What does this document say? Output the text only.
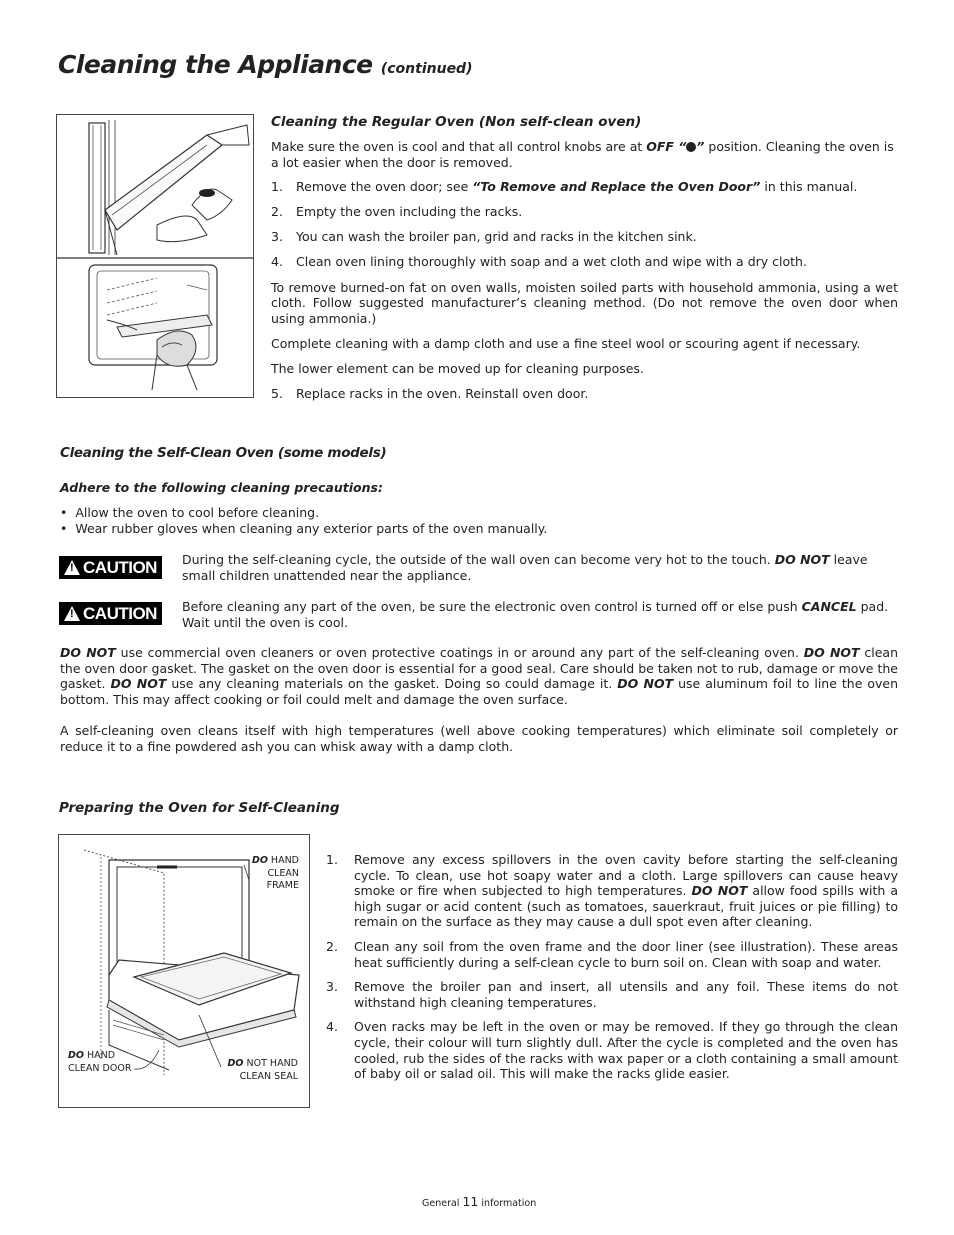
Cleaning the Appliance (continued)
Cleaning the Regular Oven (Non self-clean oven)
Make sure the oven is cool and that all control knobs are at OFF “ ” position. Cleaning the oven is a lot easier when the door is removed.
1. Remove the oven door; see “To Remove and Replace the Oven Door” in this manual.
2. Empty the oven including the racks.
3. You can wash the broiler pan, grid and racks in the kitchen sink.
4. Clean oven lining thoroughly with soap and a wet cloth and wipe with a dry cloth.
To remove burned-on fat on oven walls, moisten soiled parts with household ammonia, using a wet cloth. Follow suggested manufacturer’s cleaning method. (Do not remove the oven door when using ammonia.)
Complete cleaning with a damp cloth and use a fine steel wool or scouring agent if necessary.
The lower element can be moved up for cleaning purposes.
5. Replace racks in the oven. Reinstall oven door.
Cleaning the Self-Clean Oven (some models)
Adhere to the following cleaning precautions:
•  Allow the oven to cool before cleaning.
•  Wear rubber gloves when cleaning any exterior parts of the oven manually.
! CAUTION During the self-cleaning cycle, the outside of the wall oven can become very hot to the touch. DO NOT leave small children unattended near the appliance.
! CAUTION Before cleaning any part of the oven, be sure the electronic oven control is turned off or else push CANCEL pad. Wait until the oven is cool.
DO NOT use commercial oven cleaners or oven protective coatings in or around any part of the self-cleaning oven. DO NOT clean the oven door gasket. The gasket on the oven door is essential for a good seal. Care should be taken not to rub, damage or move the gasket. DO NOT use any cleaning materials on the gasket. Doing so could damage it. DO NOT use aluminum foil to line the oven bottom. This may affect cooking or foil could melt and damage the oven surface.
A self-cleaning oven cleans itself with high temperatures (well above cooking temperatures) which eliminate soil completely or reduce it to a fine powdered ash you can whisk away with a damp cloth.
Preparing the Oven for Self-Cleaning
DO HAND
CLEAN
FRAME
DO HAND
CLEAN DOOR	DO NOT HAND
CLEAN SEAL
1. Remove any excess spillovers in the oven cavity before starting the self-cleaning cycle. To clean, use hot soapy water and a cloth. Large spillovers can cause heavy smoke or fire when subjected to high temperatures. DO NOT allow food spills with a high sugar or acid content (such as tomatoes, sauerkraut, fruit juices or pie filling) to remain on the surface as they may cause a dull spot even after cleaning.
2. Clean any soil from the oven frame and the door liner (see illustration). These areas heat sufficiently during a self-clean cycle to burn soil on. Clean with soap and water.
3. Remove the broiler pan and insert, all utensils and any foil. These items do not withstand high cleaning temperatures.
4. Oven racks may be left in the oven or may be removed. If they go through the clean cycle, their colour will turn slightly dull. After the cycle is completed and the oven has cooled, rub the sides of the racks with wax paper or a cloth containing a small amount of baby oil or salad oil. This will make the racks glide easier.
General 11 information
